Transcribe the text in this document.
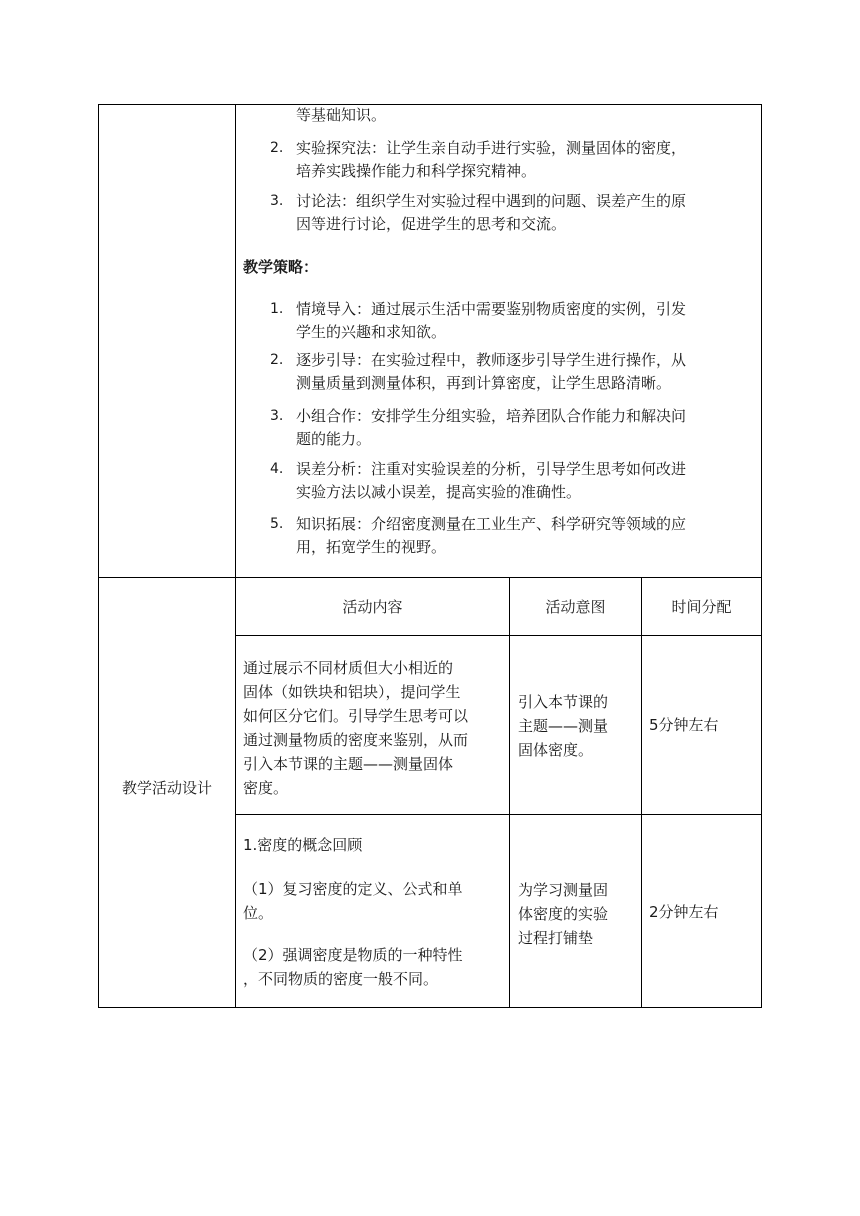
等基础知识。
2. 实验探究法：让学生亲自动手进行实验，测量固体的密度，
培养实践操作能力和科学探究精神。
3. 讨论法：组织学生对实验过程中遇到的问题、误差产生的原
因等进行讨论，促进学生的思考和交流。
教学策略：
1. 情境导入：通过展示生活中需要鉴别物质密度的实例，引发
学生的兴趣和求知欲。
2. 逐步引导：在实验过程中，教师逐步引导学生进行操作，从
测量质量到测量体积，再到计算密度，让学生思路清晰。
3. 小组合作：安排学生分组实验，培养团队合作能力和解决问
题的能力。
4. 误差分析：注重对实验误差的分析，引导学生思考如何改进
实验方法以减小误差，提高实验的准确性。
5. 知识拓展：介绍密度测量在工业生产、科学研究等领域的应
用，拓宽学生的视野。
教学活动设计
活动内容	活动意图	时间分配

通过展示不同材质但大小相近的

固体（如铁块和铝块），提问学生

如何区分它们。引导学生思考可以

通过测量物质的密度来鉴别，从而

引入本节课的主题——测量固体

密度。

引入本节课的

主题——测量

固体密度。

5分钟左右

1.密度的概念回顾

（1）复习密度的定义、公式和单

位。

（2）强调密度是物质的一种特性

，不同物质的密度一般不同。

为学习测量固

体密度的实验

过程打铺垫

2分钟左右
